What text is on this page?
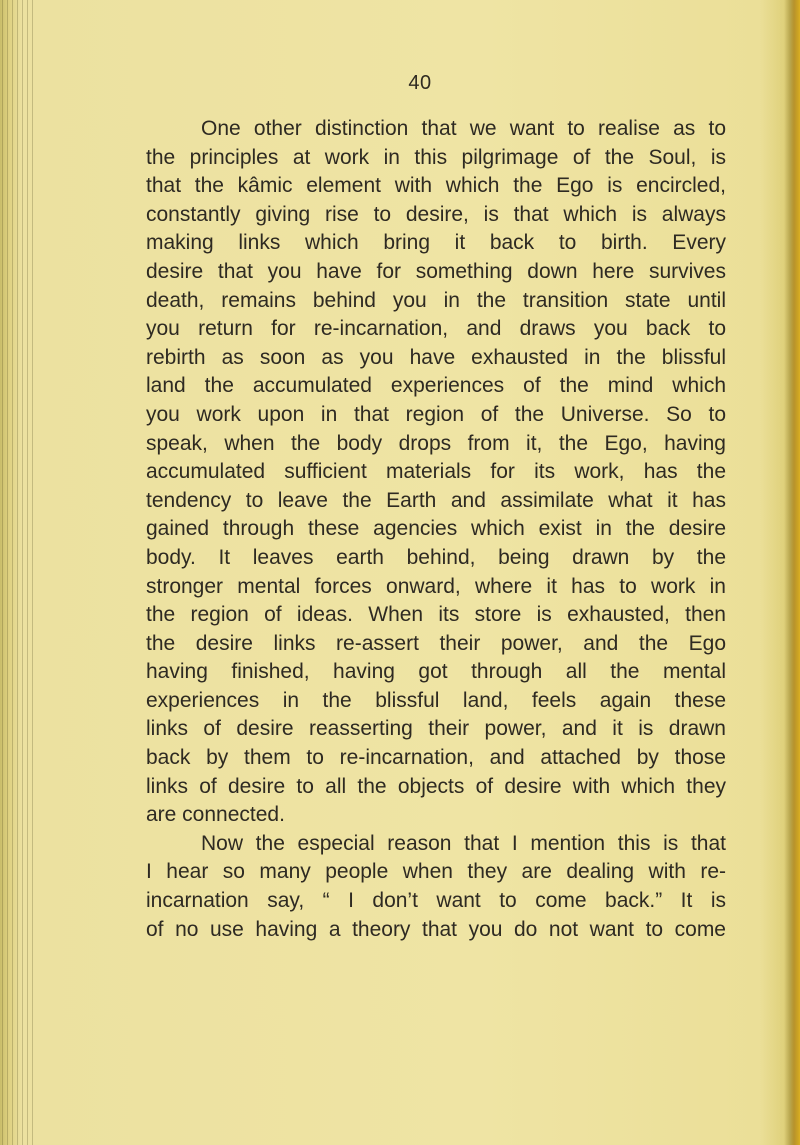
40
One other distinction that we want to realise as to
the principles at work in this pilgrimage of the Soul, is
that the kâmic element with which the Ego is encircled,
constantly giving rise to desire, is that which is always
making links which bring it back to birth. Every
desire that you have for something down here survives
death, remains behind you in the transition state until
you return for re-incarnation, and draws you back to
rebirth as soon as you have exhausted in the blissful
land the accumulated experiences of the mind which
you work upon in that region of the Universe. So to
speak, when the body drops from it, the Ego, having
accumulated sufficient materials for its work, has the
tendency to leave the Earth and assimilate what it has
gained through these agencies which exist in the desire
body. It leaves earth behind, being drawn by the
stronger mental forces onward, where it has to work in
the region of ideas. When its store is exhausted, then
the desire links re-assert their power, and the Ego
having finished, having got through all the mental
experiences in the blissful land, feels again these
links of desire reasserting their power, and it is drawn
back by them to re-incarnation, and attached by those
links of desire to all the objects of desire with which they
are connected.
Now the especial reason that I mention this is that
I hear so many people when they are dealing with re-
incarnation say, “ I don’t want to come back.” It is
of no use having a theory that you do not want to come
